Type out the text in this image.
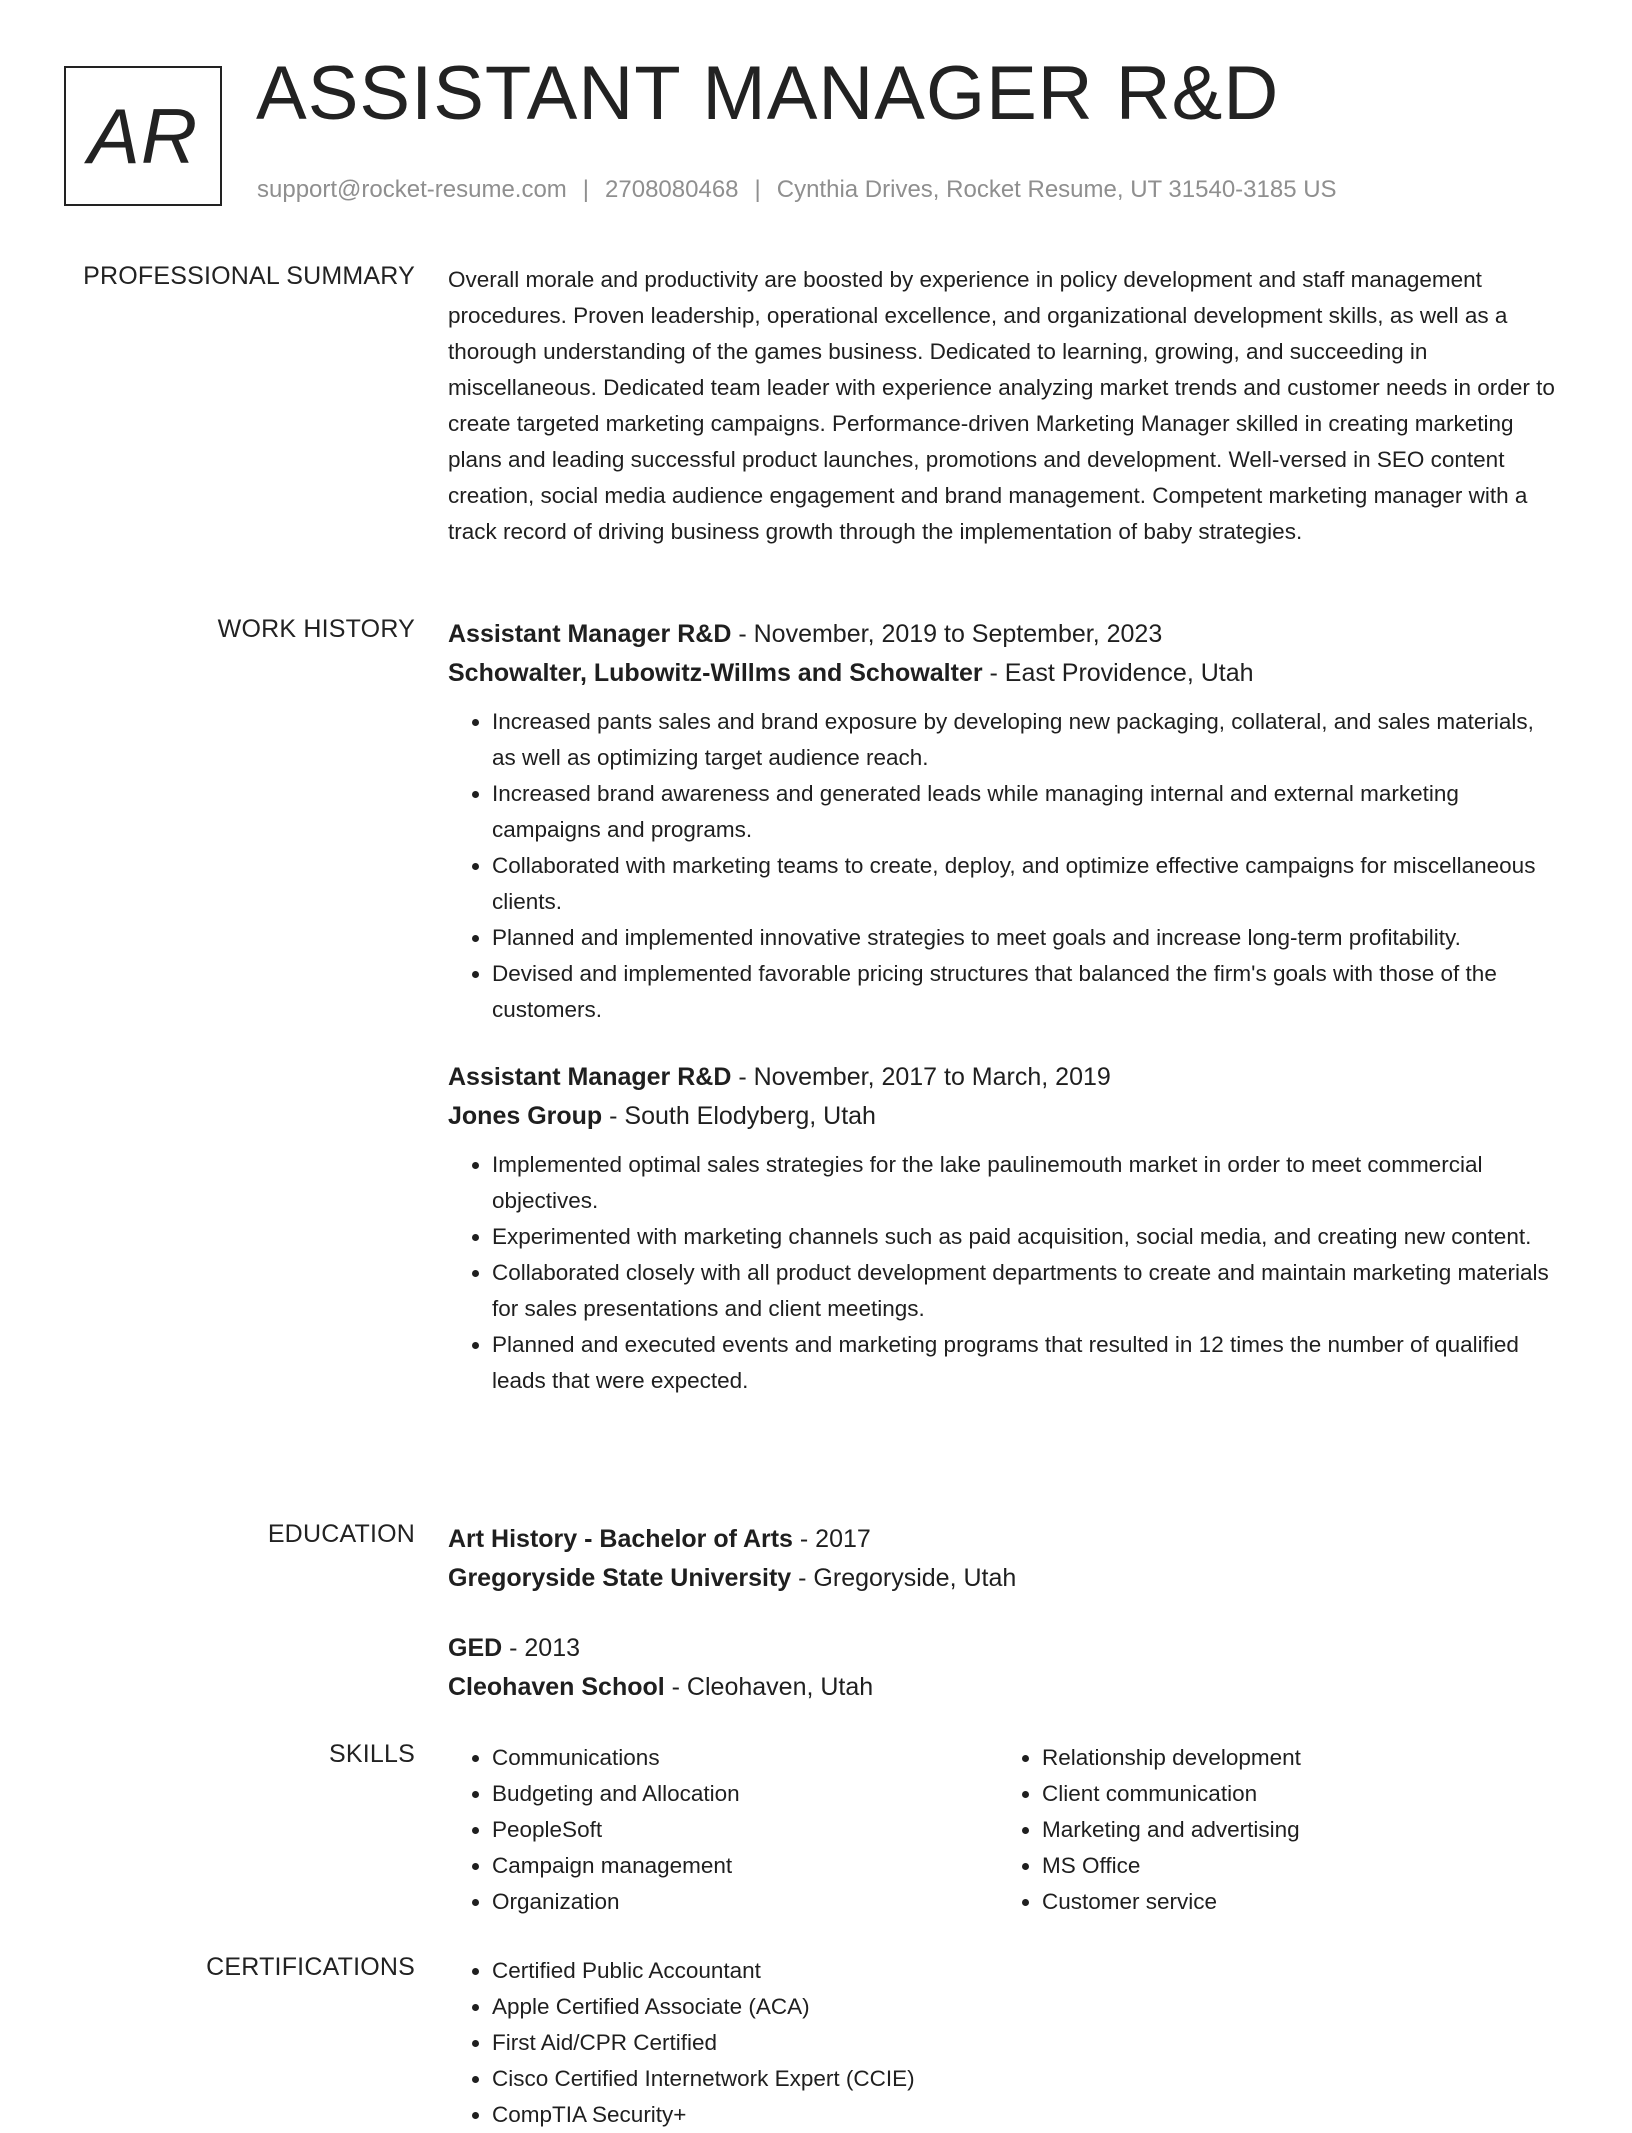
AR ASSISTANT MANAGER R&D
support@rocket-resume.com | 2708080468 | Cynthia Drives, Rocket Resume, UT 31540-3185 US
PROFESSIONAL SUMMARY Overall morale and productivity are boosted by experience in policy development and staff management procedures. Proven leadership, operational excellence, and organizational development skills, as well as a thorough understanding of the games business. Dedicated to learning, growing, and succeeding in miscellaneous. Dedicated team leader with experience analyzing market trends and customer needs in order to create targeted marketing campaigns. Performance-driven Marketing Manager skilled in creating marketing plans and leading successful product launches, promotions and development. Well-versed in SEO content creation, social media audience engagement and brand management. Competent marketing manager with a track record of driving business growth through the implementation of baby strategies.

WORK HISTORY Assistant Manager R&D - November, 2019 to September, 2023
Schowalter, Lubowitz-Willms and Schowalter - East Providence, Utah
• Increased pants sales and brand exposure by developing new packaging, collateral, and sales materials, as well as optimizing target audience reach.
• Increased brand awareness and generated leads while managing internal and external marketing campaigns and programs.
• Collaborated with marketing teams to create, deploy, and optimize effective campaigns for miscellaneous clients.
• Planned and implemented innovative strategies to meet goals and increase long-term profitability.
• Devised and implemented favorable pricing structures that balanced the firm's goals with those of the customers.
Assistant Manager R&D - November, 2017 to March, 2019
Jones Group - South Elodyberg, Utah
• Implemented optimal sales strategies for the lake paulinemouth market in order to meet commercial objectives.
• Experimented with marketing channels such as paid acquisition, social media, and creating new content.
• Collaborated closely with all product development departments to create and maintain marketing materials for sales presentations and client meetings.
• Planned and executed events and marketing programs that resulted in 12 times the number of qualified leads that were expected.
EDUCATION Art History - Bachelor of Arts - 2017
Gregoryside State University - Gregoryside, Utah
GED - 2013
Cleohaven School - Cleohaven, Utah
SKILLS	• Communications
• Budgeting and Allocation
• PeopleSoft
• Campaign management
• Organization
• Relationship development
• Client communication
• Marketing and advertising
• MS Office
• Customer service
CERTIFICATIONS	• Certified Public Accountant
• Apple Certified Associate (ACA)
• First Aid/CPR Certified
• Cisco Certified Internetwork Expert (CCIE)
• CompTIA Security+
